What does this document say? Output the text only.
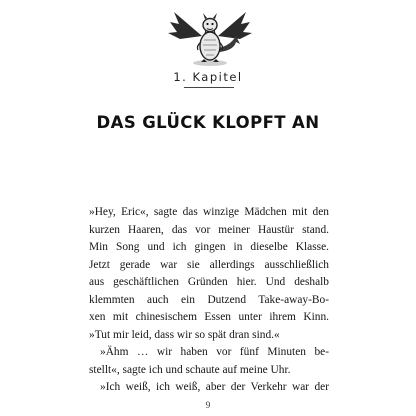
1. Kapitel
DAS GLÜCK KLOPFT AN
»Hey, Eric«, sagte das winzige Mädchen mit den
kurzen Haaren, das vor meiner Haustür stand.
Min Song und ich gingen in dieselbe Klasse.
Jetzt gerade war sie allerdings ausschließlich
aus geschäftlichen Gründen hier. Und deshalb
klemmten auch ein Dutzend Take-away-Bo-
xen mit chinesischem Essen unter ihrem Kinn.
»Tut mir leid, dass wir so spät dran sind.«
»Ähm … wir haben vor fünf Minuten be-
stellt«, sagte ich und schaute auf meine Uhr.
»Ich weiß, ich weiß, aber der Verkehr war der
9
